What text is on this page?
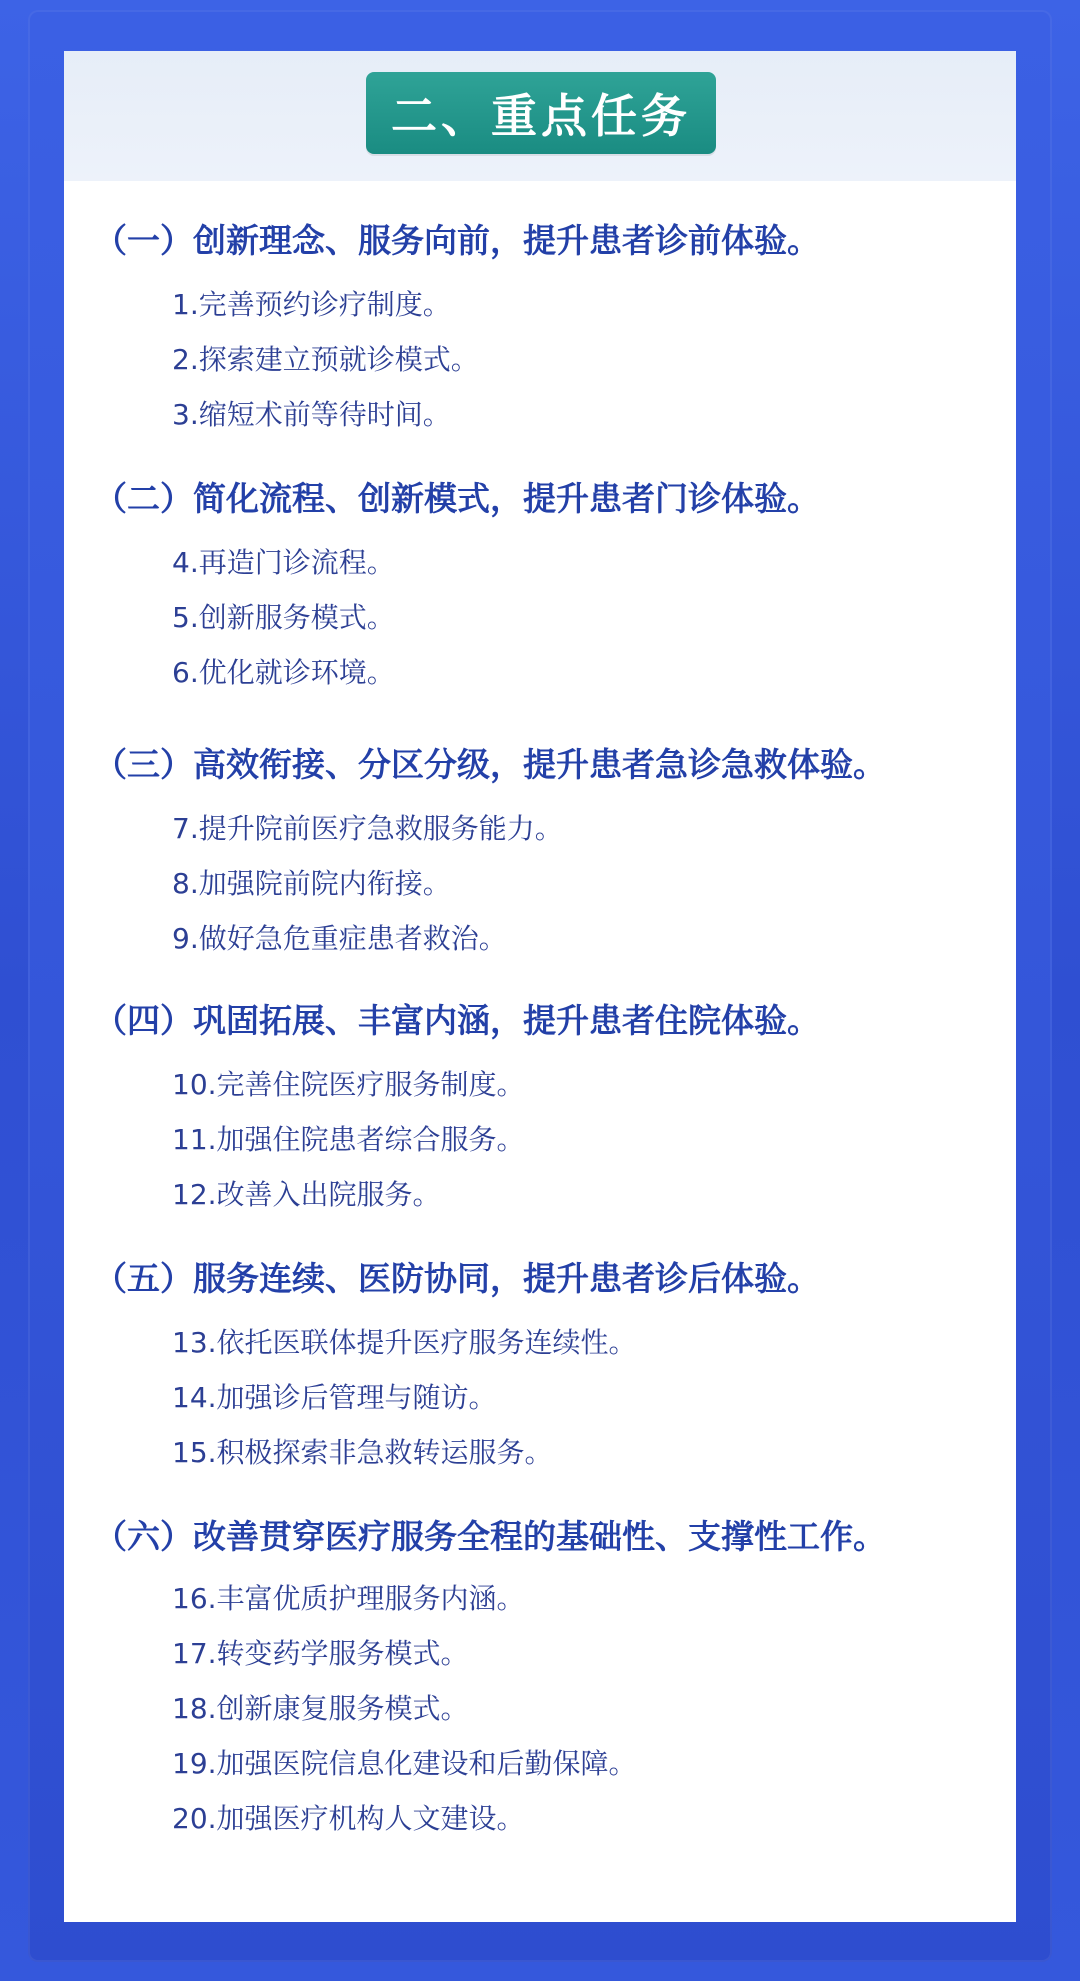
二、重点任务
（一）创新理念、服务向前，提升患者诊前体验。
1.完善预约诊疗制度。
2.探索建立预就诊模式。
3.缩短术前等待时间。
（二）简化流程、创新模式，提升患者门诊体验。
4.再造门诊流程。
5.创新服务模式。
6.优化就诊环境。
（三）高效衔接、分区分级，提升患者急诊急救体验。
7.提升院前医疗急救服务能力。
8.加强院前院内衔接。
9.做好急危重症患者救治。
（四）巩固拓展、丰富内涵，提升患者住院体验。
10.完善住院医疗服务制度。
11.加强住院患者综合服务。
12.改善入出院服务。
（五）服务连续、医防协同，提升患者诊后体验。
13.依托医联体提升医疗服务连续性。
14.加强诊后管理与随访。
15.积极探索非急救转运服务。
（六）改善贯穿医疗服务全程的基础性、支撑性工作。
16.丰富优质护理服务内涵。
17.转变药学服务模式。
18.创新康复服务模式。
19.加强医院信息化建设和后勤保障。
20.加强医疗机构人文建设。
